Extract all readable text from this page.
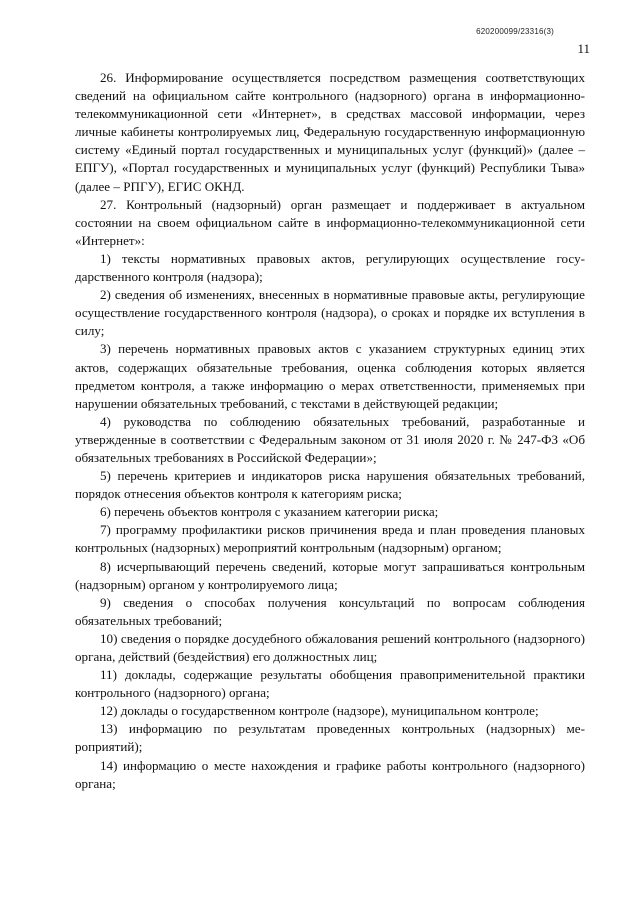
620200099/23316(3)
11

26. Информирование осуществляется посредством размещения соответствующих сведений на официальном сайте контрольного (надзорного) органа в информационно-телекоммуникационной сети «Интернет», в средствах массовой информации, через личные кабинеты контролируемых лиц, Федеральную государственную информационную систему «Единый портал государственных и муниципальных услуг (функций)» (далее – ЕПГУ), «Портал государственных и муниципальных услуг (функций) Республики Тыва» (далее – РПГУ), ЕГИС ОКНД.

27. Контрольный (надзорный) орган размещает и поддерживает в актуальном состоянии на своем официальном сайте в информационно-телекоммуникационной сети «Интернет»:

1) тексты нормативных правовых актов, регулирующих осуществление государственного контроля (надзора);

2) сведения об изменениях, внесенных в нормативные правовые акты, регулирующие осуществление государственного контроля (надзора), о сроках и порядке их вступления в силу;

3) перечень нормативных правовых актов с указанием структурных единиц этих актов, содержащих обязательные требования, оценка соблюдения которых является предметом контроля, а также информацию о мерах ответственности, применяемых при нарушении обязательных требований, с текстами в действующей редакции;

4) руководства по соблюдению обязательных требований, разработанные и утвержденные в соответствии с Федеральным законом от 31 июля 2020 г. № 247-ФЗ «Об обязательных требованиях в Российской Федерации»;

5) перечень критериев и индикаторов риска нарушения обязательных требований, порядок отнесения объектов контроля к категориям риска;

6) перечень объектов контроля с указанием категории риска;

7) программу профилактики рисков причинения вреда и план проведения плановых контрольных (надзорных) мероприятий контрольным (надзорным) органом;

8) исчерпывающий перечень сведений, которые могут запрашиваться контрольным (надзорным) органом у контролируемого лица;

9) сведения о способах получения консультаций по вопросам соблюдения обязательных требований;

10) сведения о порядке досудебного обжалования решений контрольного (надзорного) органа, действий (бездействия) его должностных лиц;

11) доклады, содержащие результаты обобщения правоприменительной практики контрольного (надзорного) органа;

12) доклады о государственном контроле (надзоре), муниципальном контроле;

13) информацию по результатам проведенных контрольных (надзорных) мероприятий);

14) информацию о месте нахождения и графике работы контрольного (надзорного) органа;
